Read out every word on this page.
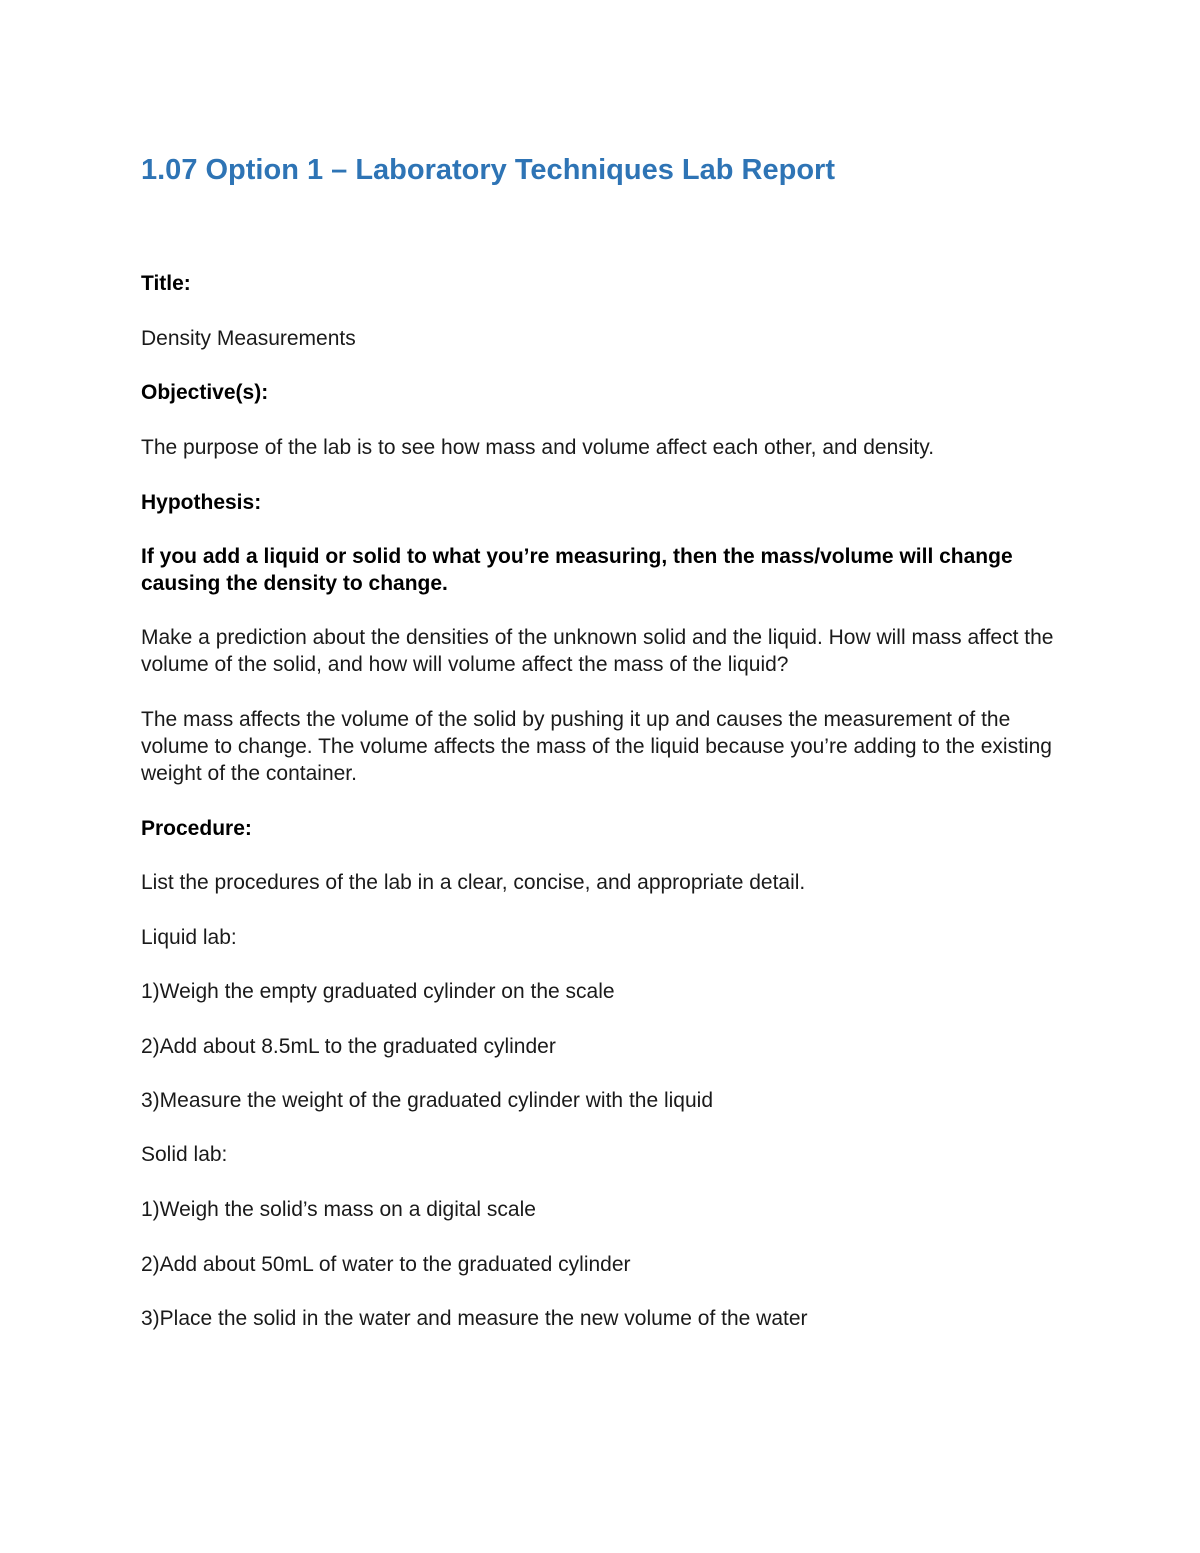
1.07 Option 1 – Laboratory Techniques Lab Report

Title:

Density Measurements

Objective(s):

The purpose of the lab is to see how mass and volume affect each other, and density.

Hypothesis:

If you add a liquid or solid to what you’re measuring, then the mass/volume will change causing the density to change.

Make a prediction about the densities of the unknown solid and the liquid. How will mass affect the volume of the solid, and how will volume affect the mass of the liquid?

The mass affects the volume of the solid by pushing it up and causes the measurement of the volume to change. The volume affects the mass of the liquid because you’re adding to the existing weight of the container.

Procedure:

List the procedures of the lab in a clear, concise, and appropriate detail.

Liquid lab:

1)Weigh the empty graduated cylinder on the scale

2)Add about 8.5mL to the graduated cylinder

3)Measure the weight of the graduated cylinder with the liquid

Solid lab:

1)Weigh the solid’s mass on a digital scale

2)Add about 50mL of water to the graduated cylinder

3)Place the solid in the water and measure the new volume of the water
